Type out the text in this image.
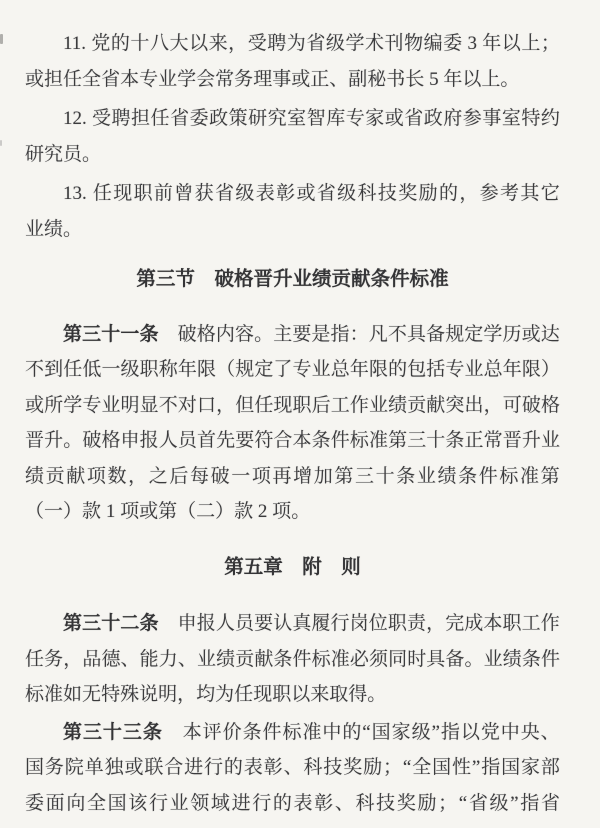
11. 党 的 十 八 大 以 来 ， 受 聘 为 省 级 学 术 刊 物 编 委 3 年 以 上 ；
或 担 任 全 省 本 专 业 学 会 常 务 理 事 或 正 、 副 秘 书 长 5 年 以 上 。
12. 受 聘 担 任 省 委 政 策 研 究 室 智 库 专 家 或 省 政 府 参 事 室 特 约
研 究 员 。
13. 任 现 职 前 曾 获 省 级 表 彰 或 省 级 科 技 奖 励 的 ， 参 考 其 它
业 绩 。
第 三 节
　 破 格 晋 升 业 绩 贡 献 条 件 标 准
第 三 十 一 条
　 破 格 内 容 。 主 要 是 指 ： 凡 不 具 备 规 定 学 历 或 达
不 到 任 低 一 级 职 称 年 限 （ 规 定 了 专 业 总 年 限 的 包 括 专 业 总 年 限 ）
或 所 学 专 业 明 显 不 对 口 ， 但 任 现 职 后 工 作 业 绩 贡 献 突 出 ， 可 破 格
晋 升 。 破 格 申 报 人 员 首 先 要 符 合 本 条 件 标 准 第 三 十 条 正 常 晋 升 业
绩 贡 献 项 数 ， 之 后 每 破 一 项 再 增 加 第 三 十 条 业 绩 条 件 标 准 第
（ 一 ） 款 1 项 或 第 （ 二 ） 款 2 项 。
第 五 章
　 附
　 则
第 三 十 二 条
　 申 报 人 员 要 认 真 履 行 岗 位 职 责 ， 完 成 本 职 工 作
任 务 ， 品 德 、 能 力 、 业 绩 贡 献 条 件 标 准 必 须 同 时 具 备 。 业 绩 条 件
标 准 如 无 特 殊 说 明 ， 均 为 任 现 职 以 来 取 得 。
第 三 十 三 条
　 本 评 价 条 件 标 准 中 的 “ 国 家 级 ” 指 以 党 中 央 、
国 务 院 单 独 或 联 合 进 行 的 表 彰 、 科 技 奖 励 ； “ 全 国 性 ” 指 国 家 部
委 面 向 全 国 该 行 业 领 域 进 行 的 表 彰 、 科 技 奖 励 ； “ 省 级 ” 指 省
